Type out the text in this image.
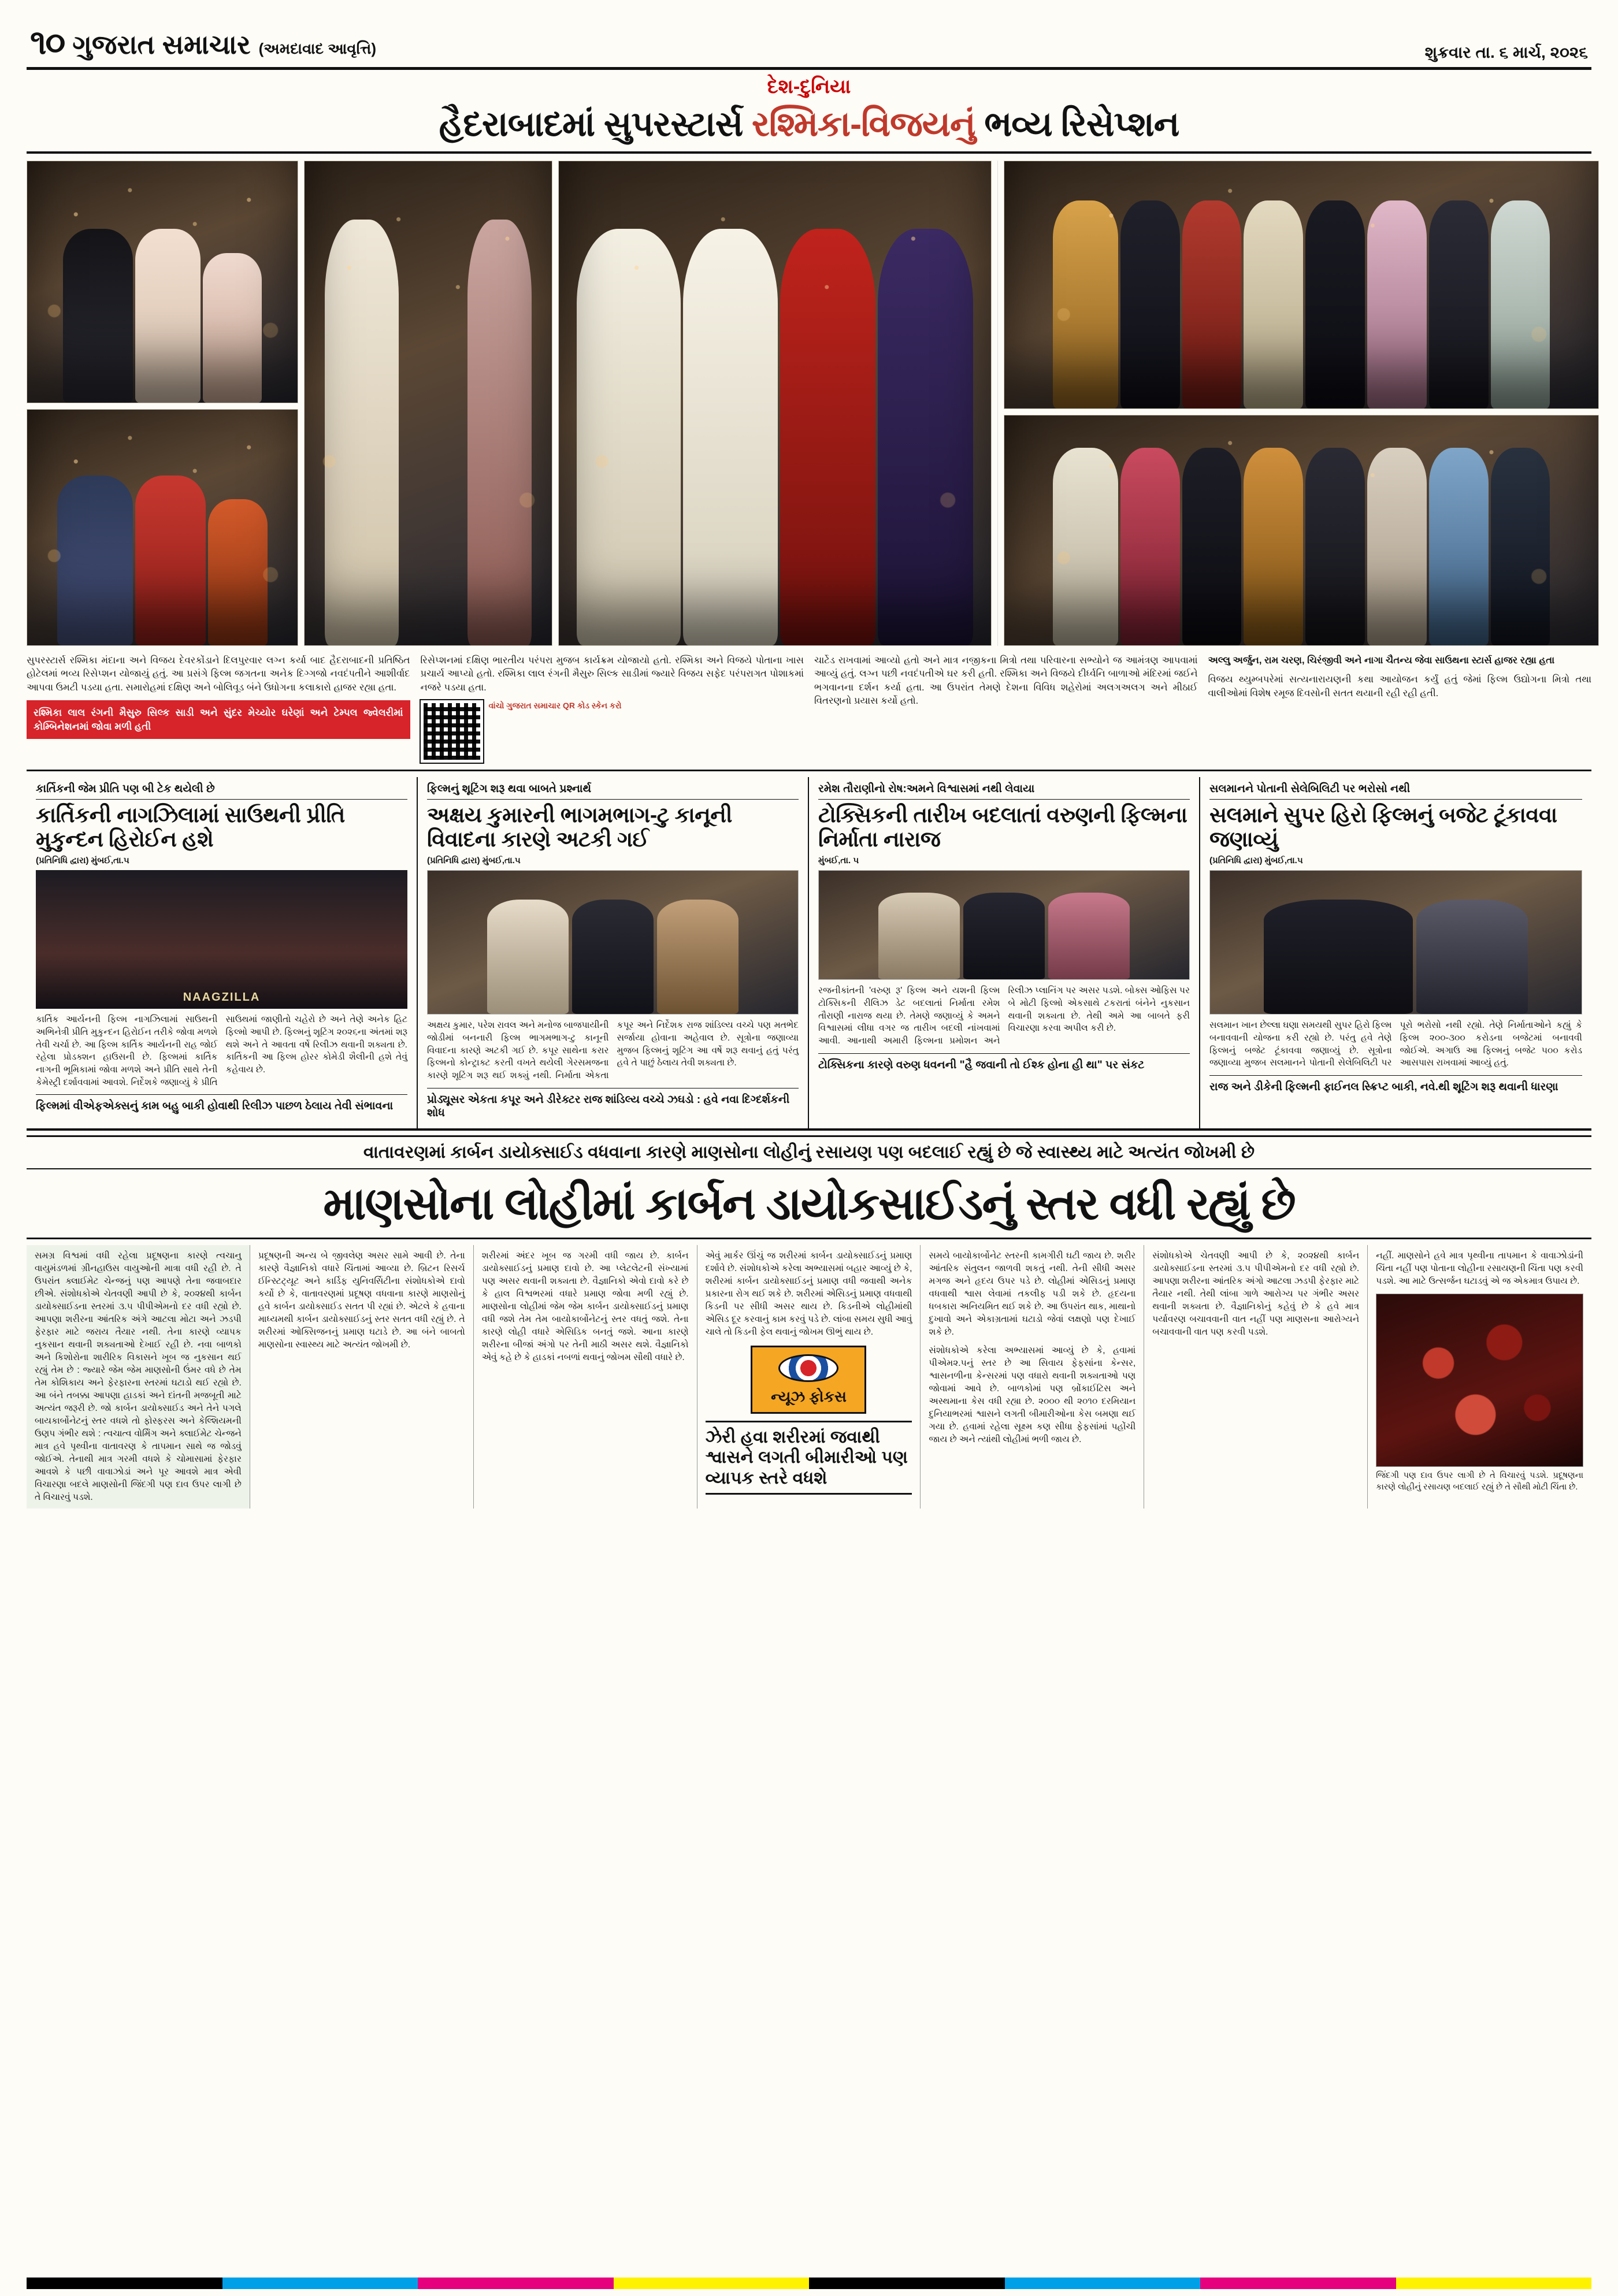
૧૦ ગુજરાત સમાચાર (અમદાવાદ આવૃત્તિ)	શુક્રવાર તા. ૬ માર્ચ, ૨૦૨૬
દેશ-દુનિયા
હૈદરાબાદમાં સુપરસ્ટાર્સ રશ્મિકા-વિજયનું ભવ્ય રિસેપ્શન
સુપરસ્ટાર્સ રશ્મિકા મંદાના અને વિજય દેવરકોંડાને દિલપુરવાર લગ્ન કર્યા બાદ હૈદરાબાદની પ્રતિષ્ઠિત હોટેલમાં ભવ્ય રિસેપ્શન યોજાયું હતું. આ પ્રસંગે ફિલ્મ જગતના અનેક દિગ્ગજો નવદંપતીને આશીર્વાદ આપવા ઉમટી પડયા હતા. સમારોહમાં દક્ષિણ અને બોલિવૂડ બંને ઉધોગના કલાકારો હાજર રહ્યા હતા.
રશ્મિકા લાલ રંગની મૈસુરુ સિલ્ક સાડી અને સુંદર મેચ્યોર ઘરેણાં અને ટેમ્પલ જ્વેલરીમાં કોમ્બિનેશનમાં જોવા મળી હતી
રિસેપ્શનમાં દક્ષિણ ભારતીય પરંપરા મુજબ કાર્યક્રમ યોજાયો હતો. રશ્મિકા અને વિજયે પોતાના ખાસ પ્રચાર્ય આપ્યો હતો. રશ્મિકા લાલ રંગની મૈસુરુ સિલ્ક સાડીમાં જ્યારે વિજય સફેદ પરંપરાગત પોશાકમાં નજરે પડયા હતા.
વાંચો ગુજરાત સમાચાર QR કોડ સ્કેન કરો
ચાર્ટેડ રાખવામાં આવ્યો હતો અને માત્ર નજીકના મિત્રો તથા પરિવારના સભ્યોને જ આમંત્રણ આપવામાં આવ્યું હતું. લગ્ન પછી નવદંપતીએ ઘર કરી હતી. રશ્મિકા અને વિજયે દીર્ધ્વનિ બાળાઓ મંદિરમાં જઈને ભગવાનના દર્શન કર્યા હતા. આ ઉપરાંત તેમણે દેશના વિવિધ શહેરોમાં અલગઅલગ અને મીઠાઈ વિતરણનો પ્રયાસ કર્યો હતો.
અલ્લુ અર્જુન, રામ ચરણ, ચિરંજીવી અને નાગા ચૈતન્ય જેવા સાઉથના સ્ટાર્સ હાજર રહ્યા હતા
વિજય થ્યુમ્બપરેમાં સત્યનારાયણની કથા આયોજન કર્યું હતું જેમાં ફિલ્મ ઉદ્યોગના મિત્રો તથા વાલીઓમાં વિશેષ રમૂજ દિવસોની સતત થયાની રહી રહી હતી.
કાર્તિકની જેમ પ્રીતિ પણ બી ટેક થયેલી છે
કાર્તિકની નાગઝિલામાં સાઉથની પ્રીતિ મુકુન્દન હિરોઈન હશે
(પ્રતિનિધિ દ્વારા) મુંબઈ,તા.૫
NAAGZILLA
કાર્તિક આર્યનની ફિલ્મ નાગઝિલામાં સાઉથની અભિનેત્રી પ્રીતિ મુકુન્દન હિરોઈન તરીકે જોવા મળશે તેવી ચર્ચા છે. આ ફિલ્મ કાર્તિક આર્યનની રાહ જોઈ રહેલા પ્રોડક્શન હાઉસની છે. ફિલ્મમાં કાર્તિક નાગની ભૂમિકામાં જોવા મળશે અને પ્રીતિ સાથે તેની કેમેસ્ટ્રી દર્શાવવામાં આવશે. નિર્દેશકે જણાવ્યું કે પ્રીતિ સાઉથમાં જાણીતો ચહેરો છે અને તેણે અનેક હિટ ફિલ્મો આપી છે. ફિલ્મનું શૂટિંગ ૨૦૨૬ના અંતમાં શરૂ થશે અને તે આવતા વર્ષે રિલીઝ થવાની શક્યતા છે. કાર્તિકની આ ફિલ્મ હોરર કોમેડી શૈલીની હશે તેવું કહેવાય છે.
ફિલ્મમાં વીએફએક્સનું કામ બહુ બાકી હોવાથી રિલીઝ પાછળ ઠેલાય તેવી સંભાવના
ફિલ્મનું શૂટિંગ શરૂ થવા બાબતે પ્રશ્નાર્થ
અક્ષય કુમારની ભાગમભાગ-ટુ કાનૂની વિવાદના કારણે અટકી ગઈ
(પ્રતિનિધિ દ્વારા) મુંબઈ,તા.૫
અક્ષય કુમાર, પરેશ રાવલ અને મનોજ બાજપાયીની જોડીમાં બનનારી ફિલ્મ ભાગમભાગ-ટુ કાનૂની વિવાદના કારણે અટકી ગઈ છે. કપૂર સાથેના કરાર ફિલ્મનો કોન્ટ્રાક્ટ કરતી વખતે થયેલી ગેરસમજના કારણે શૂટિંગ શરૂ થઈ શક્યું નથી. નિર્માતા એકતા કપૂર અને નિર્દેશક રાજ શાંડિલ્ય વચ્ચે પણ મતભેદ સર્જાયા હોવાના અહેવાલ છે. સૂત્રોના જણાવ્યા મુજબ ફિલ્મનું શૂટિંગ આ વર્ષે શરૂ થવાનું હતું પરંતુ હવે તે પાછું ઠેલાય તેવી શક્યતા છે.
પ્રોડ્યૂસર એકતા કપૂર અને ડીરેક્ટર રાજ શાંડિલ્ય વચ્ચે ઝઘડો : હવે નવા દિગ્દર્શકની શોધ
રમેશ તૌરાણીનો રોષ:અમને વિશ્વાસમાં નથી લેવાયા
ટોક્સિકની તારીખ બદલાતાં વરુણની ફિલ્મના નિર્માતા નારાજ
મુંબઈ,તા. ૫
રજનીકાંતની 'વરુણ રૂ' ફિલ્મ અને યશની ફિલ્મ ટોક્સિકની રીલિઝ ડેટ બદલાતાં નિર્માતા રમેશ તૌરાણી નારાજ થયા છે. તેમણે જણાવ્યું કે અમને વિશ્વાસમાં લીધા વગર જ તારીખ બદલી નાંખવામાં આવી. આનાથી અમારી ફિલ્મના પ્રમોશન અને રિલીઝ પ્લાનિંગ પર અસર પડશે. બોક્સ ઓફિસ પર બે મોટી ફિલ્મો એકસાથે ટકરાતાં બંનેને નુકસાન થવાની શક્યતા છે. તેથી અમે આ બાબતે ફરી વિચારણા કરવા અપીલ કરી છે.
ટોક્સિકના કારણે વરુણ ધવનની "હૈ જવાની તો ઈશ્ક હોના હી થા" પર સંકટ
સલમાનને પોતાની સેલેબિલિટી પર ભરોસો નથી
સલમાને સુપર હિરો ફિલ્મનું બજેટ ટૂંકાવવા જણાવ્યું
(પ્રતિનિધિ દ્વારા) મુંબઈ,તા.૫
સલમાન ખાન છેલ્લા ઘણા સમયથી સુપર હિરો ફિલ્મ બનાવવાની યોજના કરી રહ્યો છે. પરંતુ હવે તેણે ફિલ્મનું બજેટ ટૂંકાવવા જણાવ્યું છે. સૂત્રોના જણાવ્યા મુજબ સલમાનને પોતાની સેલેબિલિટી પર પૂરો ભરોસો નથી રહ્યો. તેણે નિર્માતાઓને કહ્યું કે ફિલ્મ ૨૦૦-૩૦૦ કરોડના બજેટમાં બનાવવી જોઈએ. અગાઉ આ ફિલ્મનું બજેટ ૫૦૦ કરોડ આસપાસ રાખવામાં આવ્યું હતું.
રાજ અને ડીકેની ફિલ્મની ફાઈનલ સ્ક્રિપ્ટ બાકી, નવે.થી શૂટિંગ શરૂ થવાની ધારણા
વાતાવરણમાં કાર્બન ડાયોક્સાઈડ વધવાના કારણે માણસોના લોહીનું રસાયણ પણ બદલાઈ રહ્યું છે જે સ્વાસ્થ્ય માટે અત્યંત જોખમી છે
માણસોના લોહીમાં કાર્બન ડાયોકસાઈડનું સ્તર વધી રહ્યું છે
સમગ્ર વિશ્વમાં વધી રહેલા પ્રદૂષણના કારણે ત્વચાનુ વાયુમંડળમાં ગ્રીનહાઉસ વાયુઓની માત્રા વધી રહી છે. તે ઉપરાંત ક્લાઈમેટ ચેન્જનું પણ આપણે તેના જવાબદાર છીએ. સંશોધકોએ ચેતવણી આપી છે કે, ૨૦૨૪થી કાર્બન ડાયોક્સાઈડના સ્તરમાં ૩.૫ પીપીએમનો દર વધી રહ્યો છે. આપણા શરીરના આંતરિક અંગે આટલા મોટા અને ઝડપી ફેરફાર માટે જરાય તૈયાર નથી. તેના કારણે વ્યાપક નુકસાન થવાની શક્યતાઓ દેખાઈ રહી છે. નવા બાળકો અને કિશોરોના શારીરિક વિકાસને ખૂબ જ નુકસાન થઈ રહ્યું તેમ છે : જ્યારે જેમ જેમ માણસોની ઉંમર વધે છે તેમ તેમ કોશિકાય અને ફેરફારના સ્તરમાં ઘટાડો થઈ રહ્યો છે. આ બંને તબક્કા આપણા હાડકાં અને દાંતની મજબૂતી માટે અત્યંત જરૂરી છે. જો કાર્બન ડાયોક્સાઈડ અને તેને પગલે બાયકાર્બોનેટનું સ્તર વધશે તો ફોસ્ફરસ અને કેલ્શિયમની ઉણપ ગંભીર થશે : ત્વચાત્વ વોર્મિંગ અને ક્લાઈમેટ ચેન્જને માત્ર હવે પૃથ્વીના વાતાવરણ કે તાપમાન સાથે જ જોડવું જોઈએ. તેનાથી માત્ર ગરમી વધશે કે ચોમાસામાં ફેરફાર આવશે કે પછી વાવાઝોડાં અને પૂર આવશે માત્ર એવી વિચારણા બદલે માણસોની જિંદગી પણ દાવ ઉપર લાગી છે તે વિચારવું પડશે.
પ્રદૂષણની અન્ય બે જીવલેણ અસર સામે આવી છે. તેના કારણે વૈજ્ઞાનિકો વધારે ચિંતામાં આવ્યા છે. બ્રિટન રિસર્ચ ઈન્સ્ટિટ્યૂટ અને કાર્ડિફ યુનિવર્સિટીના સંશોધકોએ દાવો કર્યો છે કે, વાતાવરણમાં પ્રદૂષણ વધવાના કારણે માણસોનું હવે કાર્બન ડાયોક્સાઈડ સતત પી રહ્યાં છે. એટલે કે હવાના માધ્યમથી કાર્બન ડાયોક્સાઈડનું સ્તર સતત વધી રહ્યું છે. તે શરીરમાં ઓક્સિજનનું પ્રમાણ ઘટાડે છે. આ બંને બાબતો માણસોના સ્વાસ્થ્ય માટે અત્યંત જોખમી છે.
શરીરમાં અંદર ખૂબ જ ગરમી વધી જાય છે. કાર્બન ડાયોક્સાઈડનું પ્રમાણ દાવો છે. આ પ્લેટલેટની સંખ્યામાં પણ અસર થવાની શક્યતા છે. વૈજ્ઞાનિકો એવો દાવો કરે છે કે હાલ વિશ્વભરમાં વધારે પ્રમાણ જોવા મળી રહ્યું છે. માણસોના લોહીમાં જેમ જેમ કાર્બન ડાયોક્સાઈડનું પ્રમાણ વધી જશે તેમ તેમ બાયોકાર્બોનેટનું સ્તર વધતું જશે. તેના કારણે લોહી વધારે એસિડિક બનતું જશે. આના કારણે શરીરના બીજાં અંગો પર તેની માઠી અસર થશે. વૈજ્ઞાનિકો એવું કહે છે કે હાડકાં નબળાં થવાનું જોખમ સૌથી વધારે છે.
એવું માર્કર ઊંચું જ શરીરમાં કાર્બન ડાયોક્સાઈડનું પ્રમાણ દર્શાવે છે. સંશોધકોએ કરેલા અભ્યાસમાં બહાર આવ્યું છે કે, શરીરમાં કાર્બન ડાયોક્સાઈડનું પ્રમાણ વધી જવાથી અનેક પ્રકારના રોગ થઈ શકે છે. શરીરમાં એસિડનું પ્રમાણ વધવાથી કિડની પર સીધી અસર થાય છે. કિડનીએ લોહીમાંથી એસિડ દૂર કરવાનું કામ કરવું પડે છે. લાંબા સમય સુધી આવું ચાલે તો કિડની ફેલ થવાનું જોખમ ઊભું થાય છે.
ન્યૂઝ ફોકસ
ઝેરી હવા શરીરમાં જવાથી શ્વાસને લગતી બીમારીઓ પણ વ્યાપક સ્તરે વધશે
સમયે બાયોકાર્બોનેટ સ્તરની કામગીરી ઘટી જાય છે. શરીર આંતરિક સંતુલન જાળવી શકતું નથી. તેની સીધી અસર મગજ અને હૃદય ઉપર પડે છે. લોહીમાં એસિડનું પ્રમાણ વધવાથી શ્વાસ લેવામાં તકલીફ પડી શકે છે. હૃદયના ધબકારા અનિયમિત થઈ શકે છે. આ ઉપરાંત થાક, માથાનો દુખાવો અને એકાગ્રતામાં ઘટાડો જેવાં લક્ષણો પણ દેખાઈ શકે છે.
સંશોધકોએ કરેલા અભ્યાસમાં આવ્યું છે કે, હવામાં પીએમ૨.૫નું સ્તર છે આ સિવાય ફેફસાંના કેન્સર, શ્વાસનળીના કેન્સરમાં પણ વધારો થવાની શક્યતાઓ પણ જોવામાં આવે છે. બાળકોમાં પણ બ્રોંકાઈટિસ અને અસ્થમાના કેસ વધી રહ્યા છે. ૨૦૦૦ થી ૨૦૧૦ દરમિયાન દુનિયાભરમાં શ્વાસને લગતી બીમારીઓના કેસ બમણા થઈ ગયા છે. હવામાં રહેલા સૂક્ષ્મ કણ સીધા ફેફસાંમાં પહોંચી જાય છે અને ત્યાંથી લોહીમાં ભળી જાય છે.
સંશોધકોએ ચેતવણી આપી છે કે, ૨૦૨૪થી કાર્બન ડાયોક્સાઈડના સ્તરમાં ૩.૫ પીપીએમનો દર વધી રહ્યો છે. આપણા શરીરના આંતરિક અંગો આટલા ઝડપી ફેરફાર માટે તૈયાર નથી. તેથી લાંબા ગાળે આરોગ્ય પર ગંભીર અસર થવાની શક્યતા છે. વૈજ્ઞાનિકોનું કહેવું છે કે હવે માત્ર પર્યાવરણ બચાવવાની વાત નહીં પણ માણસના આરોગ્યને બચાવવાની વાત પણ કરવી પડશે.
નહીં. માણસોને હવે માત્ર પૃથ્વીના તાપમાન કે વાવાઝોડાંની ચિંતા નહીં પણ પોતાના લોહીના રસાયણની ચિંતા પણ કરવી પડશે. આ માટે ઉત્સર્જન ઘટાડવું એ જ એકમાત્ર ઉપાય છે.
જિંદગી પણ દાવ ઉપર લાગી છે તે વિચારવું પડશે. પ્રદૂષણના કારણે લોહીનું રસાયણ બદલાઈ રહ્યું છે તે સૌથી મોટી ચિંતા છે.
